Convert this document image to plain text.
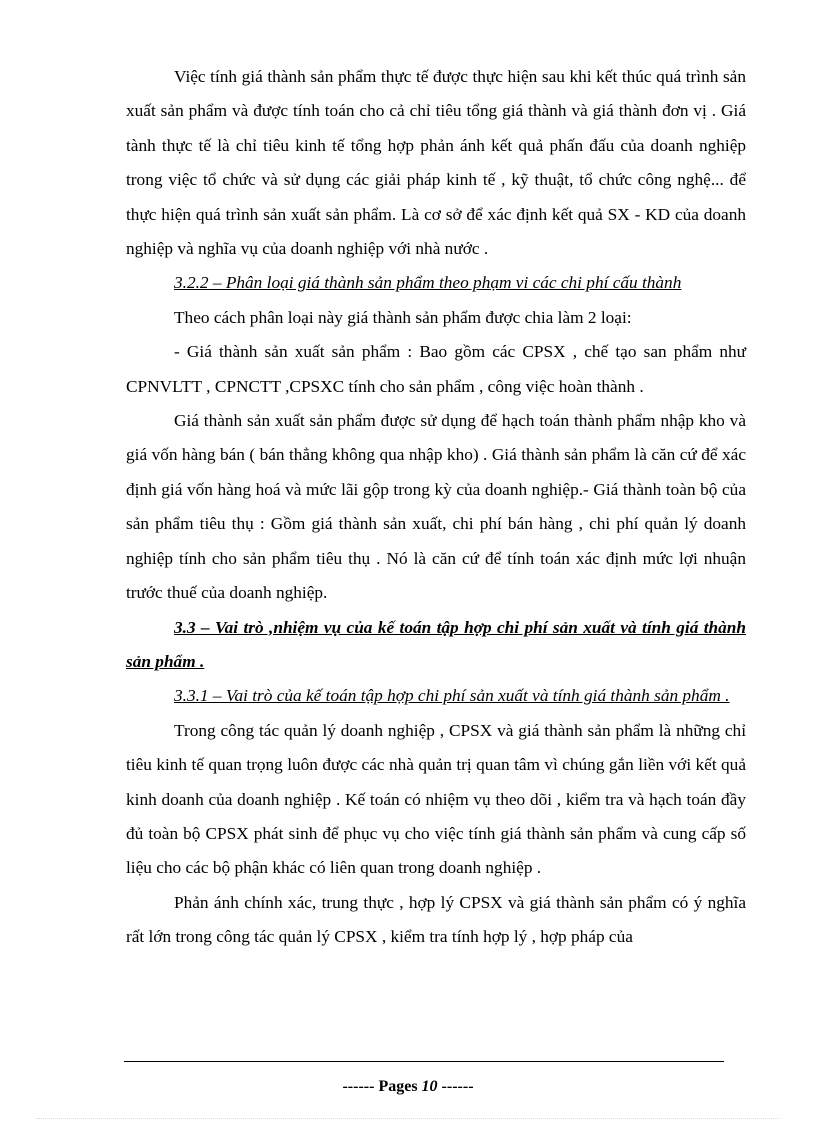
Việc tính giá thành sản phẩm thực tế được thực hiện sau khi kết thúc quá trình sản xuất sản phẩm và được tính toán cho cả chỉ tiêu tổng giá thành và giá thành đơn vị . Giá tành thực tế là chỉ tiêu kinh tế tổng hợp phản ánh kết quả phấn đấu của doanh nghiệp trong việc tổ chức và sử dụng các giải pháp kinh tế , kỹ thuật, tổ chức công nghệ... để thực hiện quá trình sản xuất sản phẩm. Là cơ sở để xác định kết quả SX - KD của doanh nghiệp và nghĩa vụ của doanh nghiệp với nhà nước .

3.2.2 – Phân loại giá thành sản phẩm theo phạm vi các chi phí cấu thành

Theo cách phân loại này giá thành sản phẩm được chia làm 2 loại:

- Giá thành sản xuất sản phẩm : Bao gồm các CPSX , chế tạo san phẩm như CPNVLTT , CPNCTT ,CPSXC tính cho sản phẩm , công việc hoàn thành .

Giá thành sản xuất sản phẩm được sử dụng để hạch toán thành phẩm nhập kho và giá vốn hàng bán ( bán thẳng không qua nhập kho) . Giá thành sản phẩm là căn cứ để xác định giá vốn hàng hoá và mức lãi gộp trong kỳ của doanh nghiệp.- Giá thành toàn bộ của sản phẩm tiêu thụ : Gồm giá thành sản xuất, chi phí bán hàng , chi phí quản lý doanh nghiệp tính cho sản phẩm tiêu thụ . Nó là căn cứ để tính toán xác định mức lợi nhuận trước thuế của doanh nghiệp.

3.3 – Vai trò ,nhiệm vụ của kế toán tập hợp chi phí sản xuất và tính giá thành sản phẩm .

3.3.1 – Vai trò của kế toán tập hợp chi phí sản xuất và tính giá thành sản phẩm .

Trong công tác quản lý doanh nghiệp , CPSX và giá thành sản phẩm là những chỉ tiêu kinh tế quan trọng luôn được các nhà quản trị quan tâm vì chúng gắn liền với kết quả kinh doanh của doanh nghiệp . Kế toán có nhiệm vụ theo dõi , kiểm tra và hạch toán đầy đủ toàn bộ CPSX phát sinh để phục vụ cho việc tính giá thành sản phẩm và cung cấp số liệu cho các bộ phận khác có liên quan trong doanh nghiệp .

Phản ánh chính xác, trung thực , hợp lý CPSX và giá thành sản phẩm có ý nghĩa rất lớn trong công tác quản lý CPSX , kiểm tra tính hợp lý , hợp pháp của

------ Pages 10 ------
